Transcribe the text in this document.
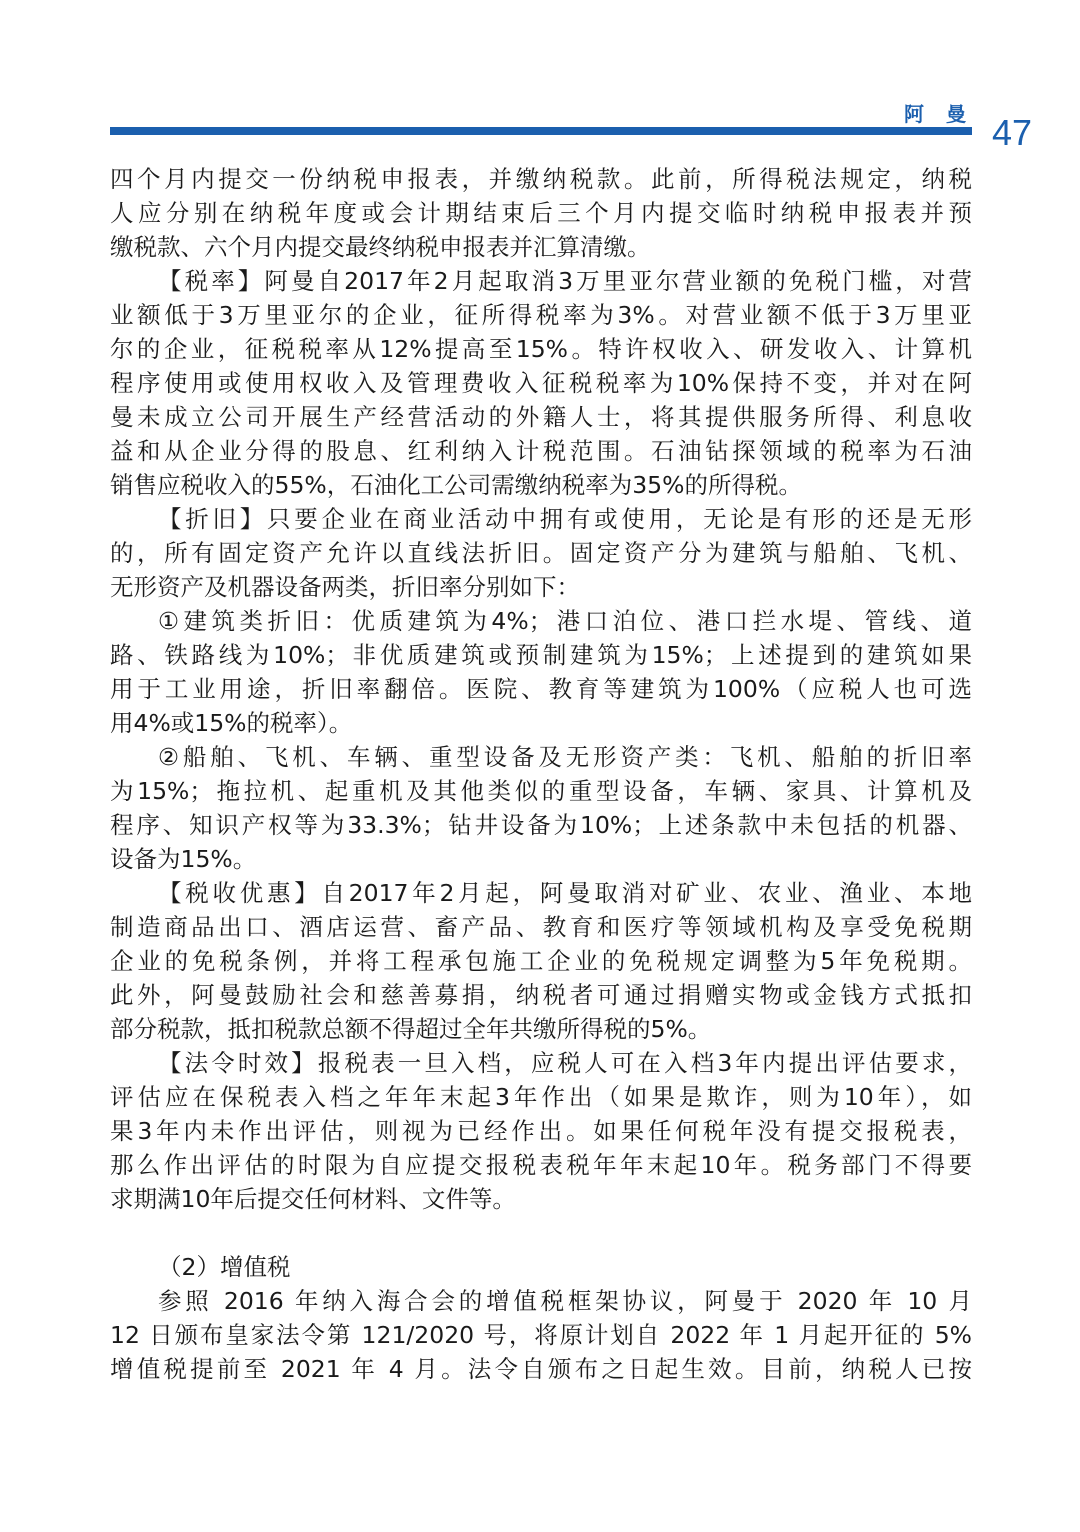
阿曼 47
四个月内提交一份纳税申报表，并缴纳税款。此前，所得税法规定，纳税
人应分别在纳税年度或会计期结束后三个月内提交临时纳税申报表并预
缴税款、六个月内提交最终纳税申报表并汇算清缴。
【税率】阿曼自2017年2月起取消3万里亚尔营业额的免税门槛，对营
业额低于3万里亚尔的企业，征所得税率为3%。对营业额不低于3万里亚
尔的企业，征税税率从12%提高至15%。特许权收入、研发收入、计算机
程序使用或使用权收入及管理费收入征税税率为10%保持不变，并对在阿
曼未成立公司开展生产经营活动的外籍人士，将其提供服务所得、利息收
益和从企业分得的股息、红利纳入计税范围。石油钻探领域的税率为石油
销售应税收入的55%，石油化工公司需缴纳税率为35%的所得税。
【折旧】只要企业在商业活动中拥有或使用，无论是有形的还是无形
的，所有固定资产允许以直线法折旧。固定资产分为建筑与船舶、飞机、
无形资产及机器设备两类，折旧率分别如下：
①建筑类折旧：优质建筑为4%；港口泊位、港口拦水堤、管线、道
路、铁路线为10%；非优质建筑或预制建筑为15%；上述提到的建筑如果
用于工业用途，折旧率翻倍。医院、教育等建筑为100%（应税人也可选
用4%或15%的税率）。
②船舶、飞机、车辆、重型设备及无形资产类：飞机、船舶的折旧率
为15%；拖拉机、起重机及其他类似的重型设备，车辆、家具、计算机及
程序、知识产权等为33.3%；钻井设备为10%；上述条款中未包括的机器、
设备为15%。
【税收优惠】自2017年2月起，阿曼取消对矿业、农业、渔业、本地
制造商品出口、酒店运营、畜产品、教育和医疗等领域机构及享受免税期
企业的免税条例，并将工程承包施工企业的免税规定调整为5年免税期。
此外，阿曼鼓励社会和慈善募捐，纳税者可通过捐赠实物或金钱方式抵扣
部分税款，抵扣税款总额不得超过全年共缴所得税的5%。
【法令时效】报税表一旦入档，应税人可在入档3年内提出评估要求，
评估应在保税表入档之年年末起3年作出（如果是欺诈，则为10年），如
果3年内未作出评估，则视为已经作出。如果任何税年没有提交报税表，
那么作出评估的时限为自应提交报税表税年年末起10年。税务部门不得要
求期满10年后提交任何材料、文件等。
（2）增值税
参照 2016 年纳入海合会的增值税框架协议，阿曼于 2020 年 10 月
12 日颁布皇家法令第 121/2020 号，将原计划自 2022 年 1 月起开征的 5%
增值税提前至 2021 年 4 月。法令自颁布之日起生效。目前，纳税人已按
